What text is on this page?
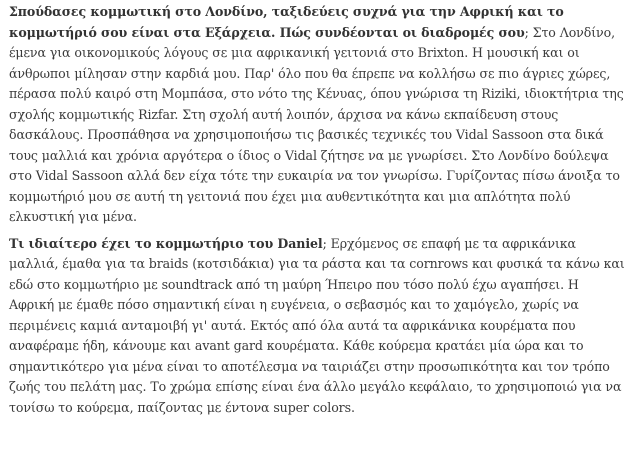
Σπούδασες κομμωτική στο Λονδίνο, ταξιδεύεις συχνά για την Αφρική και το κομμωτήριό σου είναι στα Εξάρχεια. Πώς συνδέονται οι διαδρομές σου; Στο Λονδίνο, έμενα για οικονομικούς λόγους σε μια αφρικανική γειτονιά στο Brixton. Η μουσική και οι άνθρωποι μίλησαν στην καρδιά μου. Παρ' όλο που θα έπρεπε να κολλήσω σε πιο άγριες χώρες, πέρασα πολύ καιρό στη Μομπάσα, στο νότο της Κένυας, όπου γνώρισα τη Riziki, ιδιοκτήτρια της σχολής κομμωτικής Rizfar. Στη σχολή αυτή λοιπόν, άρχισα να κάνω εκπαίδευση στους δασκάλους. Προσπάθησα να χρησιμοποιήσω τις βασικές τεχνικές του Vidal Sassoon στα δικά τους μαλλιά και χρόνια αργότερα ο ίδιος ο Vidal ζήτησε να με γνωρίσει. Στο Λονδίνο δούλεψα στο Vidal Sassoon αλλά δεν είχα τότε την ευκαιρία να τον γνωρίσω. Γυρίζοντας πίσω άνοιξα το κομμωτήριό μου σε αυτή τη γειτονιά που έχει μια αυθεντικότητα και μια απλότητα πολύ ελκυστική για μένα.

Τι ιδιαίτερο έχει το κομμωτήριο του Daniel; Ερχόμενος σε επαφή με τα αφρικάνικα μαλλιά, έμαθα για τα braids (κοτσιδάκια) για τα ράστα και τα cornrows και φυσικά τα κάνω και εδώ στο κομμωτήριο με soundtrack από τη μαύρη Ήπειρο που τόσο πολύ έχω αγαπήσει. Η Αφρική με έμαθε πόσο σημαντική είναι η ευγένεια, ο σεβασμός και το χαμόγελο, χωρίς να περιμένεις καμιά ανταμοιβή γι' αυτά. Εκτός από όλα αυτά τα αφρικάνικα κουρέματα που αναφέραμε ήδη, κάνουμε και avant gard κουρέματα. Κάθε κούρεμα κρατάει μία ώρα και το σημαντικότερο για μένα είναι το αποτέλεσμα να ταιριάζει στην προσωπικότητα και τον τρόπο ζωής του πελάτη μας. Το χρώμα επίσης είναι ένα άλλο μεγάλο κεφάλαιο, το χρησιμοποιώ για να τονίσω το κούρεμα, παίζοντας με έντονα super colors.
